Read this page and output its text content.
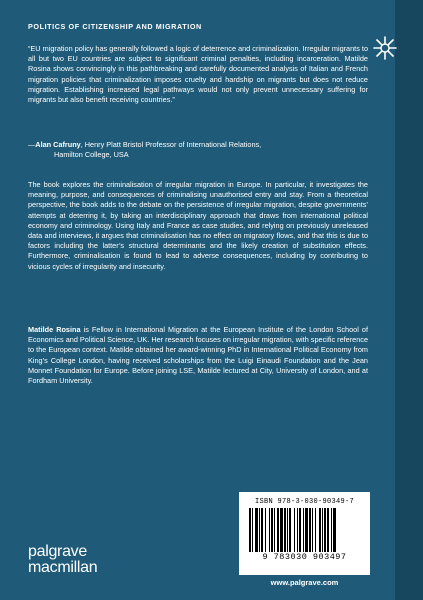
POLITICS OF CITIZENSHIP AND MIGRATION
“EU migration policy has generally followed a logic of deterrence and criminalization. Irregular migrants to all but two EU countries are subject to significant criminal penalties, including incarceration. Matilde Rosina shows convincingly in this pathbreaking and carefully documented analysis of Italian and French migration policies that criminalization imposes cruelty and hardship on migrants but does not reduce migration. Establishing increased legal pathways would not only prevent unnecessary suffering for migrants but also benefit receiving countries.”
—Alan Cafruny, Henry Platt Bristol Professor of International Relations,
Hamilton College, USA
The book explores the criminalisation of irregular migration in Europe. In particular, it investigates the meaning, purpose, and consequences of criminalising unauthorised entry and stay. From a theoretical perspective, the book adds to the debate on the persistence of irregular migration, despite governments’ attempts at deterring it, by taking an interdisciplinary approach that draws from international political economy and criminology. Using Italy and France as case studies, and relying on previously unreleased data and interviews, it argues that criminalisation has no effect on migratory flows, and that this is due to factors including the latter’s structural determinants and the likely creation of substitution effects. Furthermore, criminalisation is found to lead to adverse consequences, including by contributing to vicious cycles of irregularity and insecurity.
Matilde Rosina is Fellow in International Migration at the European Institute of the London School of Economics and Political Science, UK. Her research focuses on irregular migration, with specific reference to the European context. Matilde obtained her award-winning PhD in International Political Economy from King’s College London, having received scholarships from the Luigi Einaudi Foundation and the Jean Monnet Foundation for Europe. Before joining LSE, Matilde lectured at City, University of London, and at Fordham University.
ISBN 978-3-030-90349-7
9 783030 903497
www.palgrave.com
palgrave
macmillan
